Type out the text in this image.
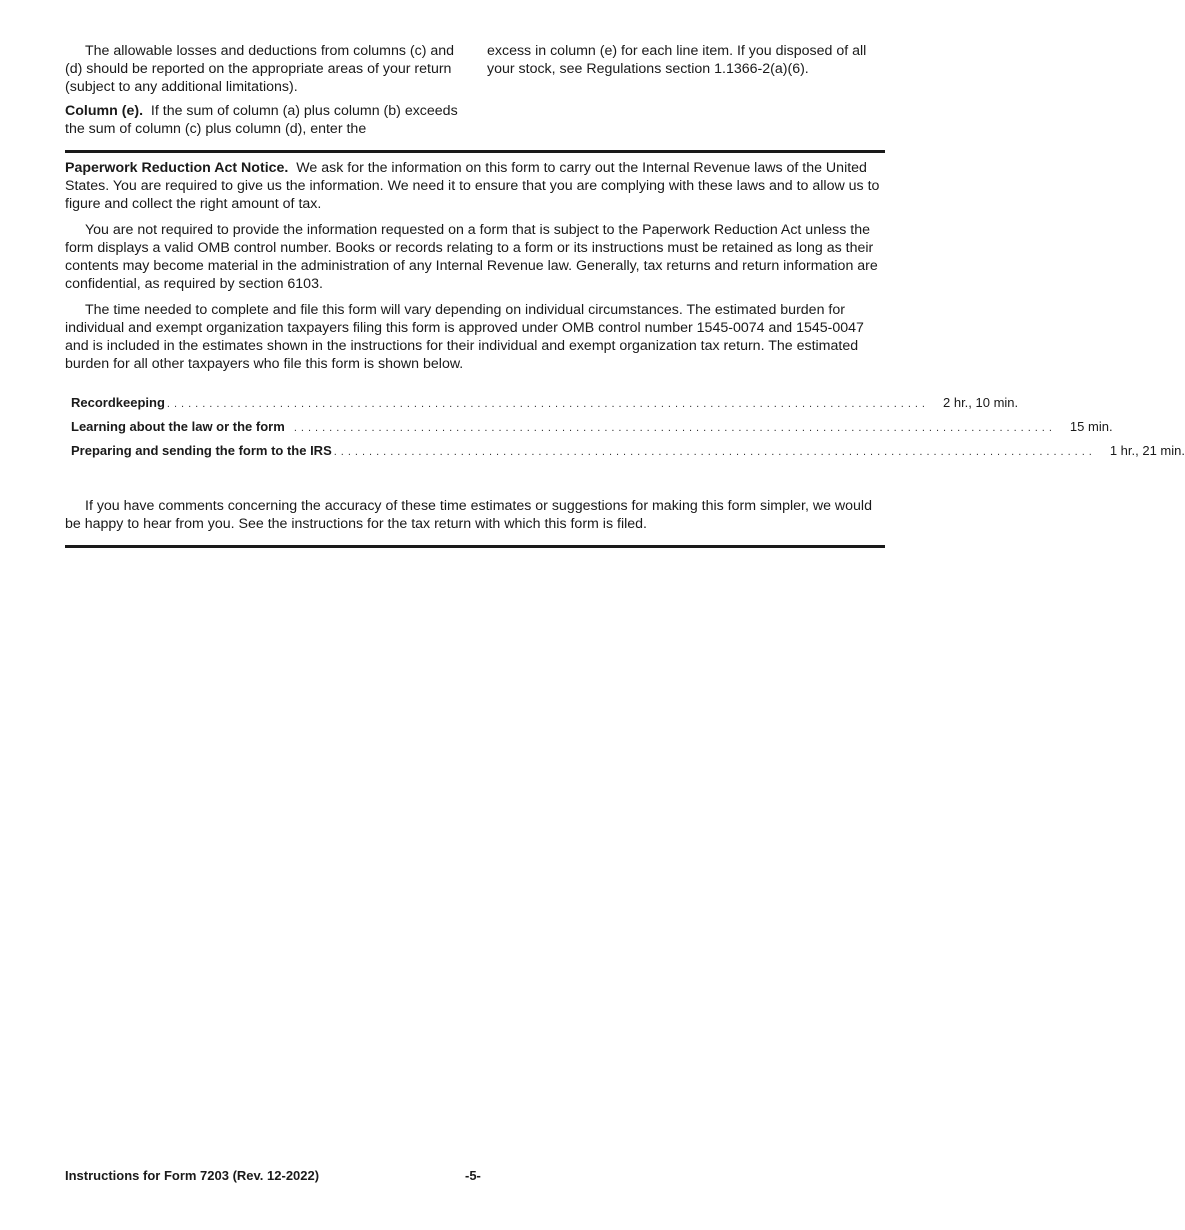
The allowable losses and deductions from columns (c) and (d) should be reported on the appropriate areas of your return (subject to any additional limitations).

Column (e). If the sum of column (a) plus column (b) exceeds the sum of column (c) plus column (d), enter the

excess in column (e) for each line item. If you disposed of all your stock, see Regulations section 1.1366-2(a)(6).

Paperwork Reduction Act Notice. We ask for the information on this form to carry out the Internal Revenue laws of the United States. You are required to give us the information. We need it to ensure that you are complying with these laws and to allow us to figure and collect the right amount of tax.

You are not required to provide the information requested on a form that is subject to the Paperwork Reduction Act unless the form displays a valid OMB control number. Books or records relating to a form or its instructions must be retained as long as their contents may become material in the administration of any Internal Revenue law. Generally, tax returns and return information are confidential, as required by section 6103.

The time needed to complete and file this form will vary depending on individual circumstances. The estimated burden for individual and exempt organization taxpayers filing this form is approved under OMB control number 1545-0074 and 1545-0047 and is included in the estimates shown in the instructions for their individual and exempt organization tax return. The estimated burden for all other taxpayers who file this form is shown below.

Recordkeeping ............................................................................................................ 2 hr., 10 min.
Learning about the law or the form ............................................................................................................ 15 min.
Preparing and sending the form to the IRS ............................................................................................................ 1 hr., 21 min.

If you have comments concerning the accuracy of these time estimates or suggestions for making this form simpler, we would be happy to hear from you. See the instructions for the tax return with which this form is filed.

Instructions for Form 7203 (Rev. 12-2022)	-5-
